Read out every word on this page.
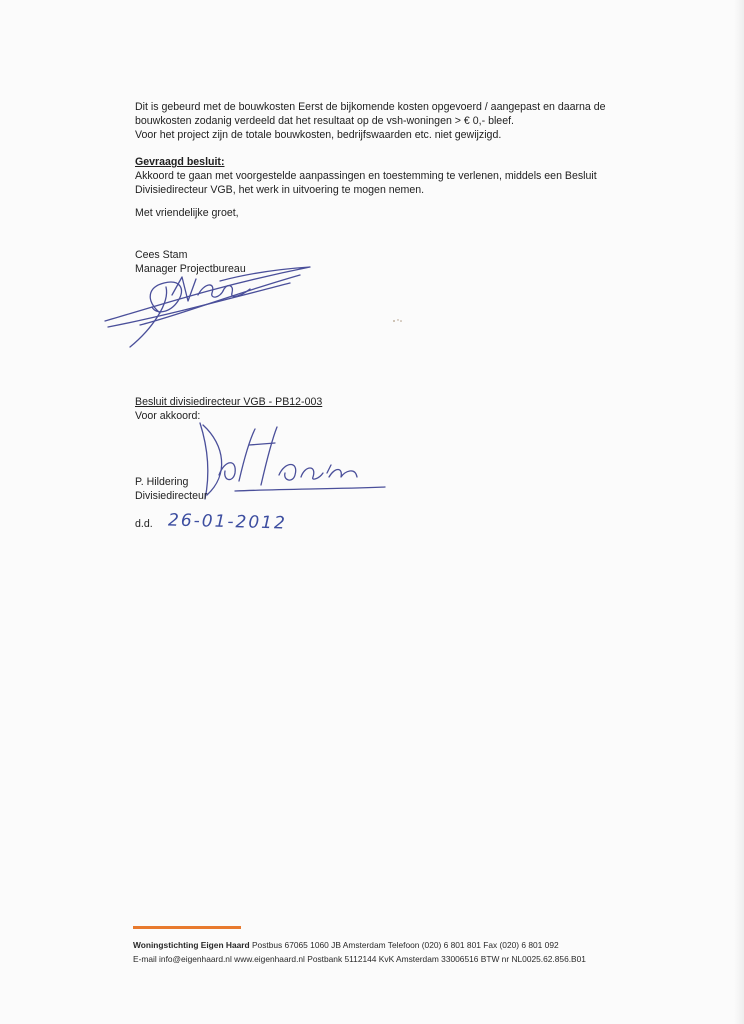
Dit is gebeurd met de bouwkosten Eerst de bijkomende kosten opgevoerd / aangepast en daarna de

bouwkosten zodanig verdeeld dat het resultaat op de vsh-woningen > € 0,- bleef.

Voor het project zijn de totale bouwkosten, bedrijfswaarden etc. niet gewijzigd.

Gevraagd besluit:

Akkoord te gaan met voorgestelde aanpassingen en toestemming te verlenen, middels een Besluit

Divisiedirecteur VGB, het werk in uitvoering te mogen nemen.

Met vriendelijke groet,

Cees Stam

Manager Projectbureau

Besluit divisiedirecteur VGB - PB12-003

Voor akkoord:

P. Hildering

Divisiedirecteur

d.d. 26-01-2012

Woningstichting Eigen Haard Postbus 67065 1060 JB Amsterdam Telefoon (020) 6 801 801 Fax (020) 6 801 092

E-mail info@eigenhaard.nl www.eigenhaard.nl Postbank 5112144 KvK Amsterdam 33006516 BTW nr NL0025.62.856.B01
